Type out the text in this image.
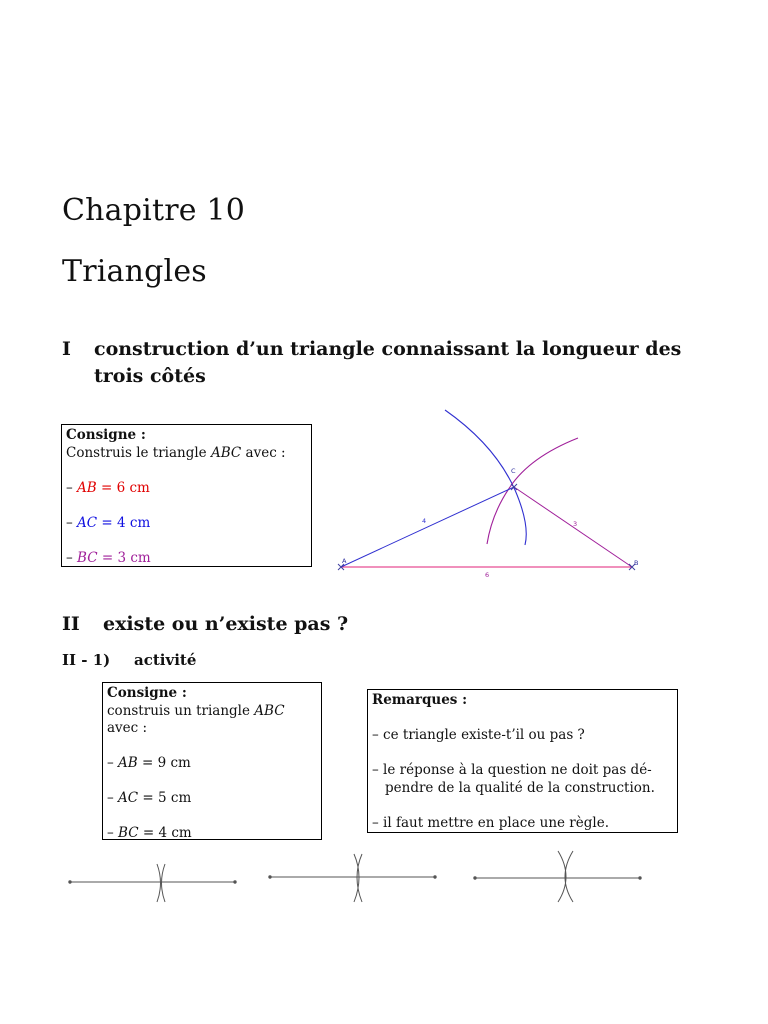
Chapitre 10
Triangles
I construction d’un triangle connaissant la longueur des
trois côtés
Consigne :
Construis le triangle ABC avec :
– AB = 6 cm
– AC = 4 cm
– BC = 3 cm	A	B
C
6
4	3
II existe ou n’existe pas ?
II - 1) activité
Consigne :
construis un triangle ABC avec :
– AB = 9 cm
– AC = 5 cm
– BC = 4 cm
Remarques :
– ce triangle existe-t’il ou pas ?
– le réponse à la question ne doit pas dé-
pendre de la qualité de la construction.
– il faut mettre en place une règle.
